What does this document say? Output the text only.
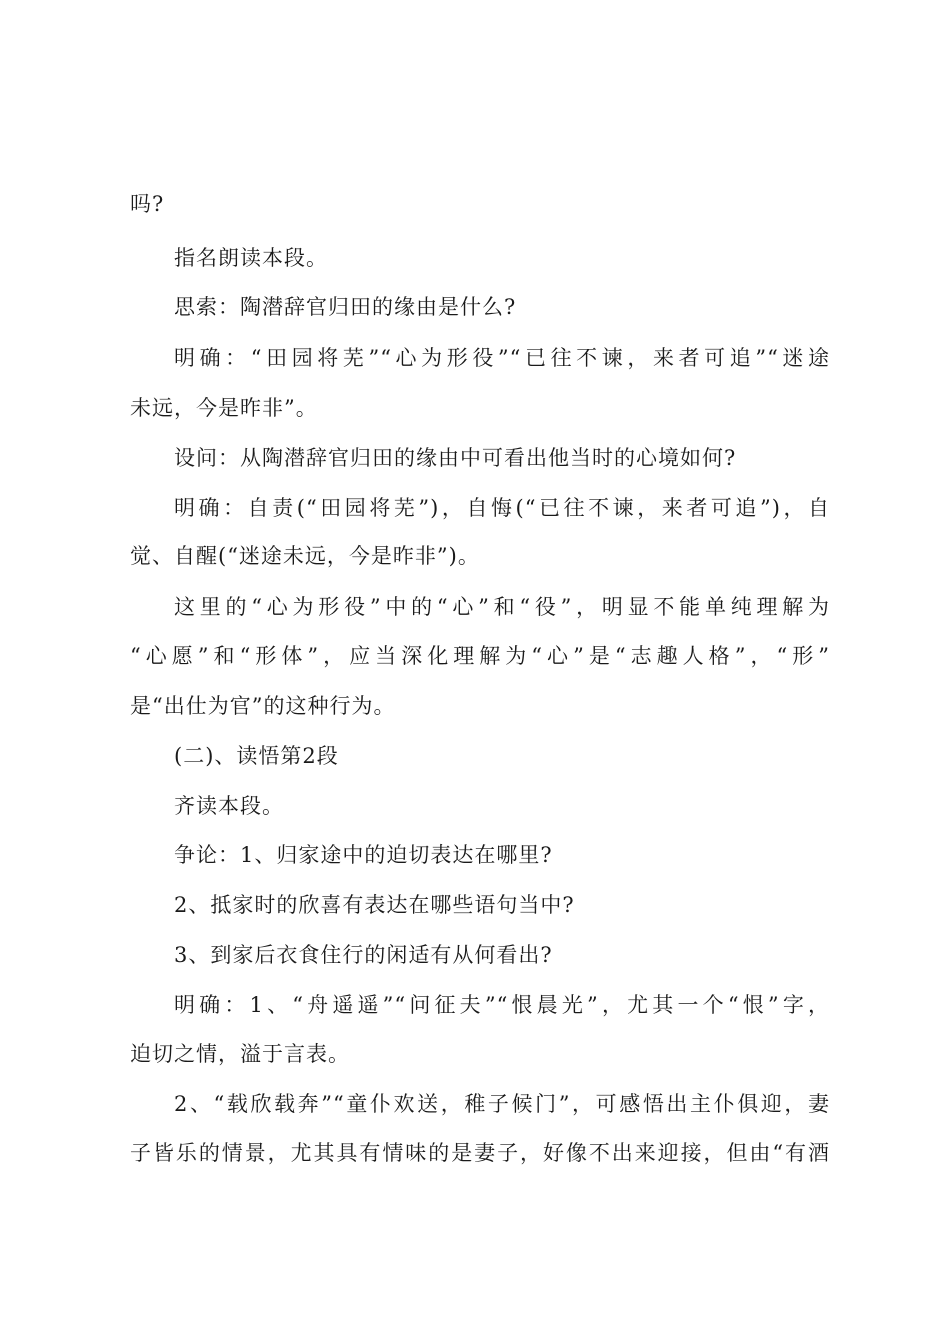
吗?
指名朗读本段。
思索：陶潜辞官归田的缘由是什么?
明确：“田园将芜”“心为形役”“已往不谏，来者可追”“迷途
未远，今是昨非”。
设问：从陶潜辞官归田的缘由中可看出他当时的心境如何?
明确：自责(“田园将芜”)，自悔(“已往不谏，来者可追”)，自
觉、自醒(“迷途未远，今是昨非”)。
这里的“心为形役”中的“心”和“役”，明显不能单纯理解为
“心愿”和“形体”，应当深化理解为“心”是“志趣人格”，“形”
是“出仕为官”的这种行为。
(二)、读悟第2段
齐读本段。
争论：1、归家途中的迫切表达在哪里?
2、抵家时的欣喜有表达在哪些语句当中?
3、到家后衣食住行的闲适有从何看出?
明确：1、“舟遥遥”“问征夫”“恨晨光”，尤其一个“恨”字，
迫切之情，溢于言表。
2、“载欣载奔”“童仆欢送，稚子候门”，可感悟出主仆俱迎，妻
子皆乐的情景，尤其具有情味的是妻子，好像不出来迎接，但由“有酒
